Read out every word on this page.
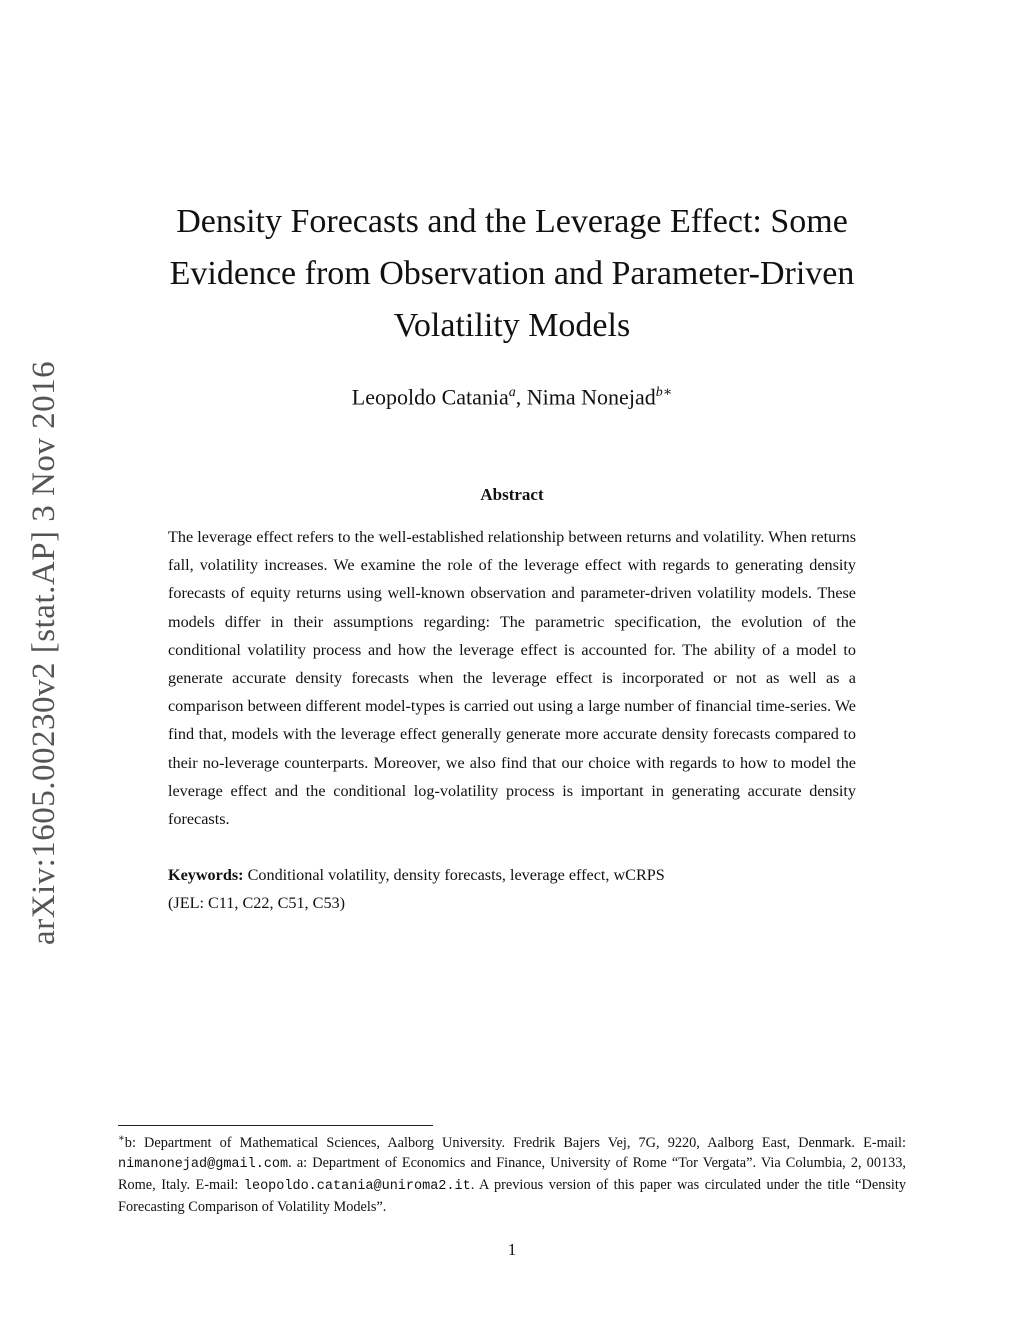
arXiv:1605.00230v2 [stat.AP] 3 Nov 2016
Density Forecasts and the Leverage Effect: Some
Evidence from Observation and Parameter-Driven
Volatility Models
Leopoldo Catania$^a$, Nima Nonejad$^{b∗}$
Abstract

The leverage effect refers to the well-established relationship between returns and volatility. When returns fall, volatility increases. We examine the role of the leverage effect with regards to generating density forecasts of equity returns using well-known observation and parameter-driven volatility models. These models differ in their assumptions regarding: The parametric specification, the evolution of the conditional volatility process and how the leverage effect is accounted for. The ability of a model to generate accurate density forecasts when the leverage effect is incorporated or not as well as a comparison between different model-types is carried out using a large number of financial time-series. We find that, models with the leverage effect generally generate more accurate density forecasts compared to their no-leverage counterparts. Moreover, we also find that our choice with regards to how to model the leverage effect and the conditional log-volatility process is important in generating accurate density forecasts.

Keywords: Conditional volatility, density forecasts, leverage effect, wCRPS
(JEL: C11, C22, C51, C53)

∗b: Department of Mathematical Sciences, Aalborg University. Fredrik Bajers Vej, 7G, 9220, Aalborg East, Denmark. E-mail: nimanonejad@gmail.com. a: Department of Economics and Finance, University of Rome “Tor Vergata”. Via Columbia, 2, 00133, Rome, Italy. E-mail: leopoldo.catania@uniroma2.it. A previous version of this paper was circulated under the title “Density Forecasting Comparison of Volatility Models”.

1
